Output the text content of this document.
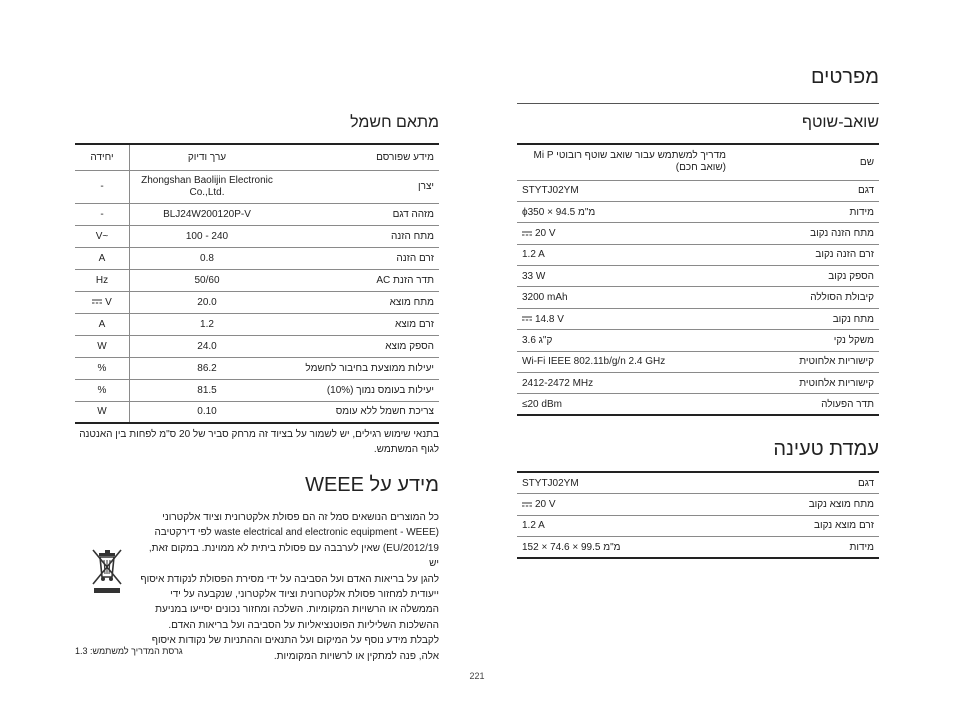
מפרטים
שואב-שוטף
שם	מדריך למשתמש עבור שואב שוטף רובוטי Mi P (שואב חכם)

דגם	STYTJ02YM
מידות	ϕמ"מ 94.5 × 350
מתח הזנה נקוב	20 V
זרם הזנה נקוב	1.2 A
הספק נקוב	33 W
קיבולת הסוללה	3200 mAh
מתח נקוב	14.8 V
משקל נקי	ק"ג 3.6
קישוריות אלחוטית	Wi-Fi IEEE 802.11b/g/n 2.4 GHz
קישוריות אלחוטית	2412-2472 MHz
תדר הפעולה	≤20 dBm
עמדת טעינה
דגם	STYTJ02YM
מתח מוצא נקוב	20 V
זרם מוצא נקוב	1.2 A
מידות	מ"מ 99.5 × 74.6 × 152
מתאם חשמל
מידע שפורסם	ערך ודיוק	יחידה
יצרן	Zhongshan Baolijin Electronic Co.,Ltd.	-
מזהה דגם	BLJ24W200120P-V	-
מתח הזנה	100 - 240	V~
זרם הזנה	0.8	A
תדר הזנת AC	50/60	Hz
מתח מוצא	20.0	V
זרם מוצא	1.2	A
הספק מוצא	24.0	W
יעילות ממוצעת בחיבור לחשמל	86.2	%
יעילות בעומס נמוך (10%)	81.5	%
צריכת חשמל ללא עומס	0.10	W
בתנאי שימוש רגילים, יש לשמור על בציוד זה מרחק סביר של 20 ס"מ לפחות בין האנטנה לגוף המשתמש.
מידע על WEEE
כל המוצרים הנושאים סמל זה הם פסולת אלקטרונית וציוד אלקטרוני
(waste electrical and electronic equipment - WEEE לפי דירקטיבה
2012/19/EU) שאין לערבבה עם פסולת ביתית לא ממוינת. במקום זאת, יש
להגן על בריאות האדם ועל הסביבה על ידי מסירת הפסולת לנקודת איסוף
ייעודית למחזור פסולת אלקטרונית וציוד אלקטרוני, שנקבעה על ידי
הממשלה או הרשויות המקומיות. השלכה ומחזור נכונים יסייעו במניעת
ההשלכות השליליות הפוטנציאליות על הסביבה ועל בריאות האדם.
לקבלת מידע נוסף על המיקום ועל התנאים וההתניות של נקודות איסוף
אלה, פנה למתקין או לרשויות המקומיות.
גרסת המדריך למשתמש: 1.3
221
